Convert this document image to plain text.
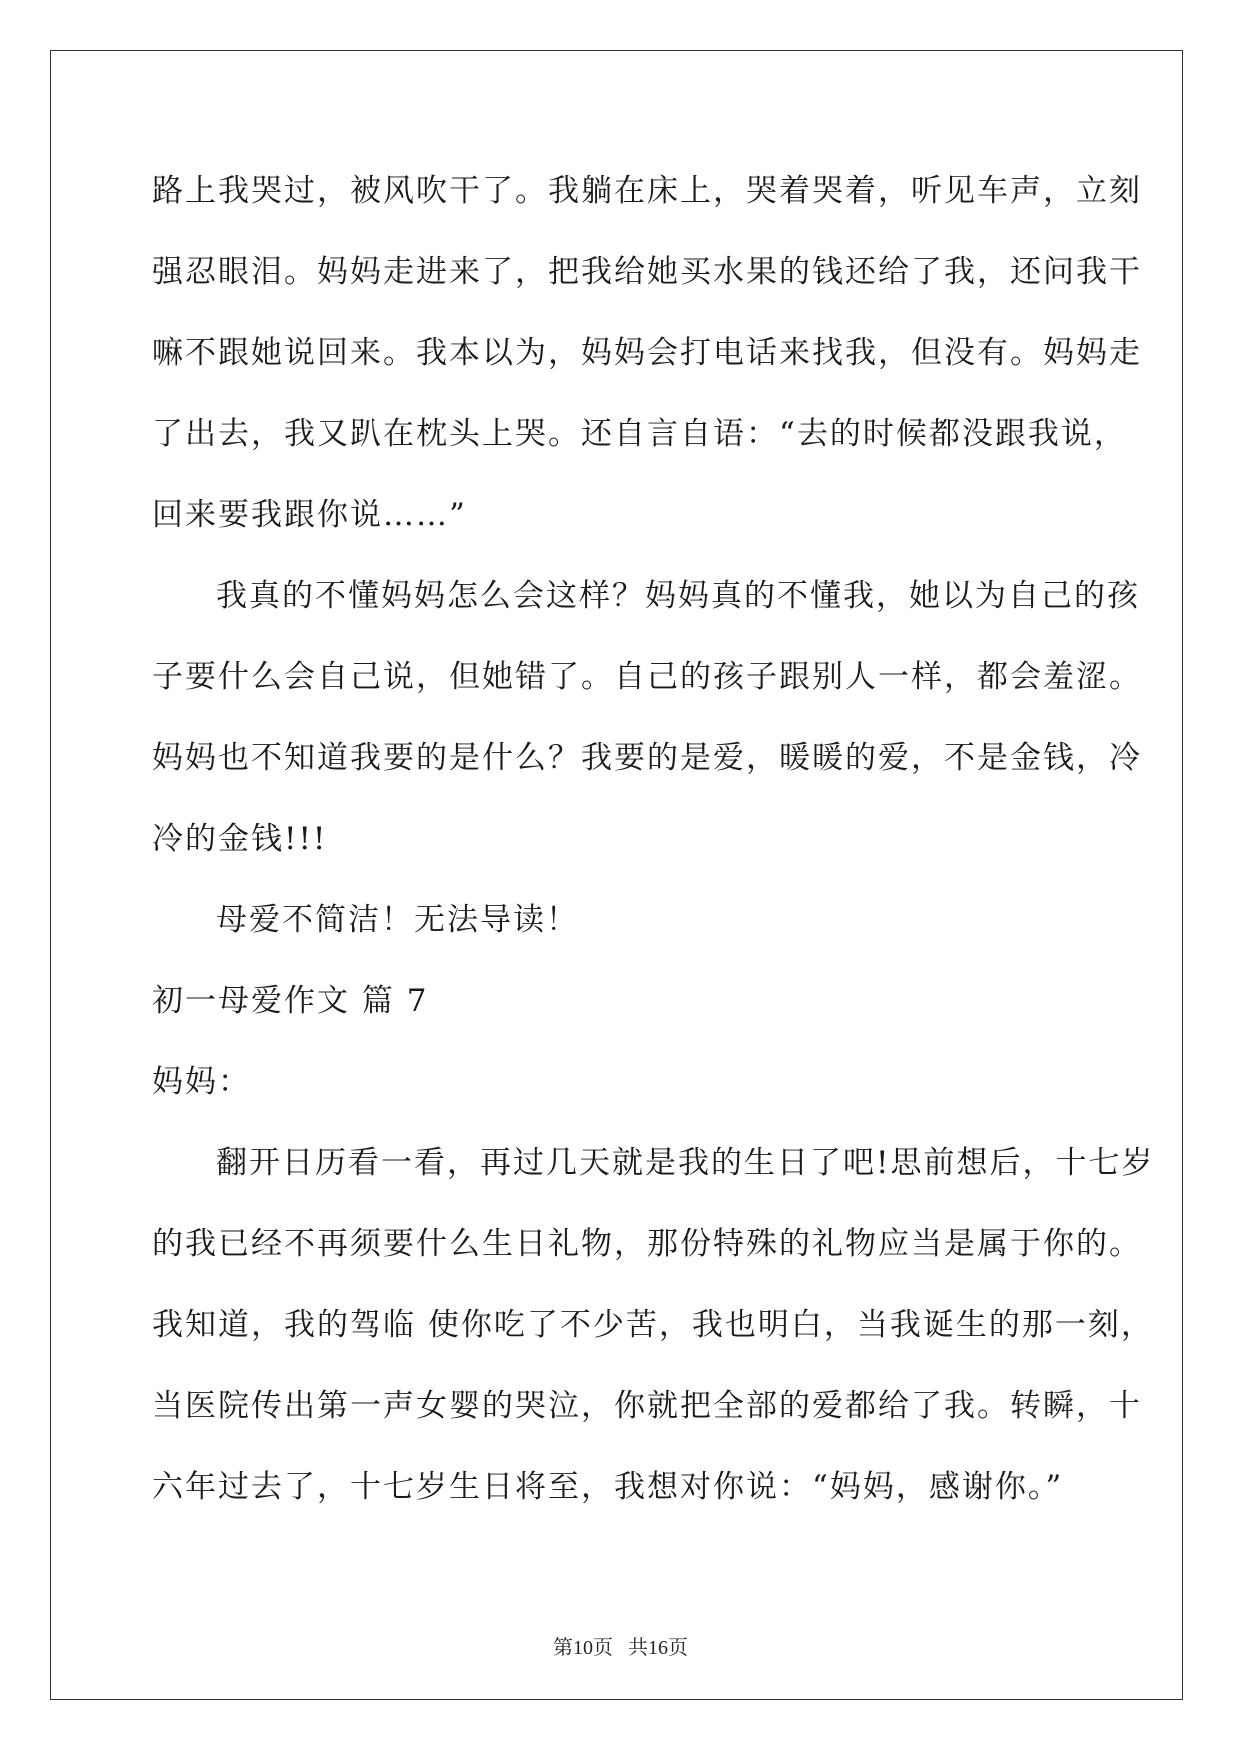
路上我哭过，被风吹干了。我躺在床上，哭着哭着，听见车声，立刻
强忍眼泪。妈妈走进来了，把我给她买水果的钱还给了我，还问我干
嘛不跟她说回来。我本以为，妈妈会打电话来找我，但没有。妈妈走
了出去，我又趴在枕头上哭。还自言自语：“去的时候都没跟我说，
回来要我跟你说……”
我真的不懂妈妈怎么会这样？妈妈真的不懂我，她以为自己的孩
子要什么会自己说，但她错了。自己的孩子跟别人一样，都会羞涩。
妈妈也不知道我要的是什么？我要的是爱，暖暖的爱，不是金钱，冷
冷的金钱!!!
母爱不简洁！无法导读！
初一母爱作文 篇 7
妈妈：
翻开日历看一看，再过几天就是我的生日了吧!思前想后，十七岁
的我已经不再须要什么生日礼物，那份特殊的礼物应当是属于你的。
我知道，我的驾临 使你吃了不少苦，我也明白，当我诞生的那一刻，
当医院传出第一声女婴的哭泣，你就把全部的爱都给了我。转瞬，十
六年过去了，十七岁生日将至，我想对你说：“妈妈，感谢你。”
第10页   共16页
